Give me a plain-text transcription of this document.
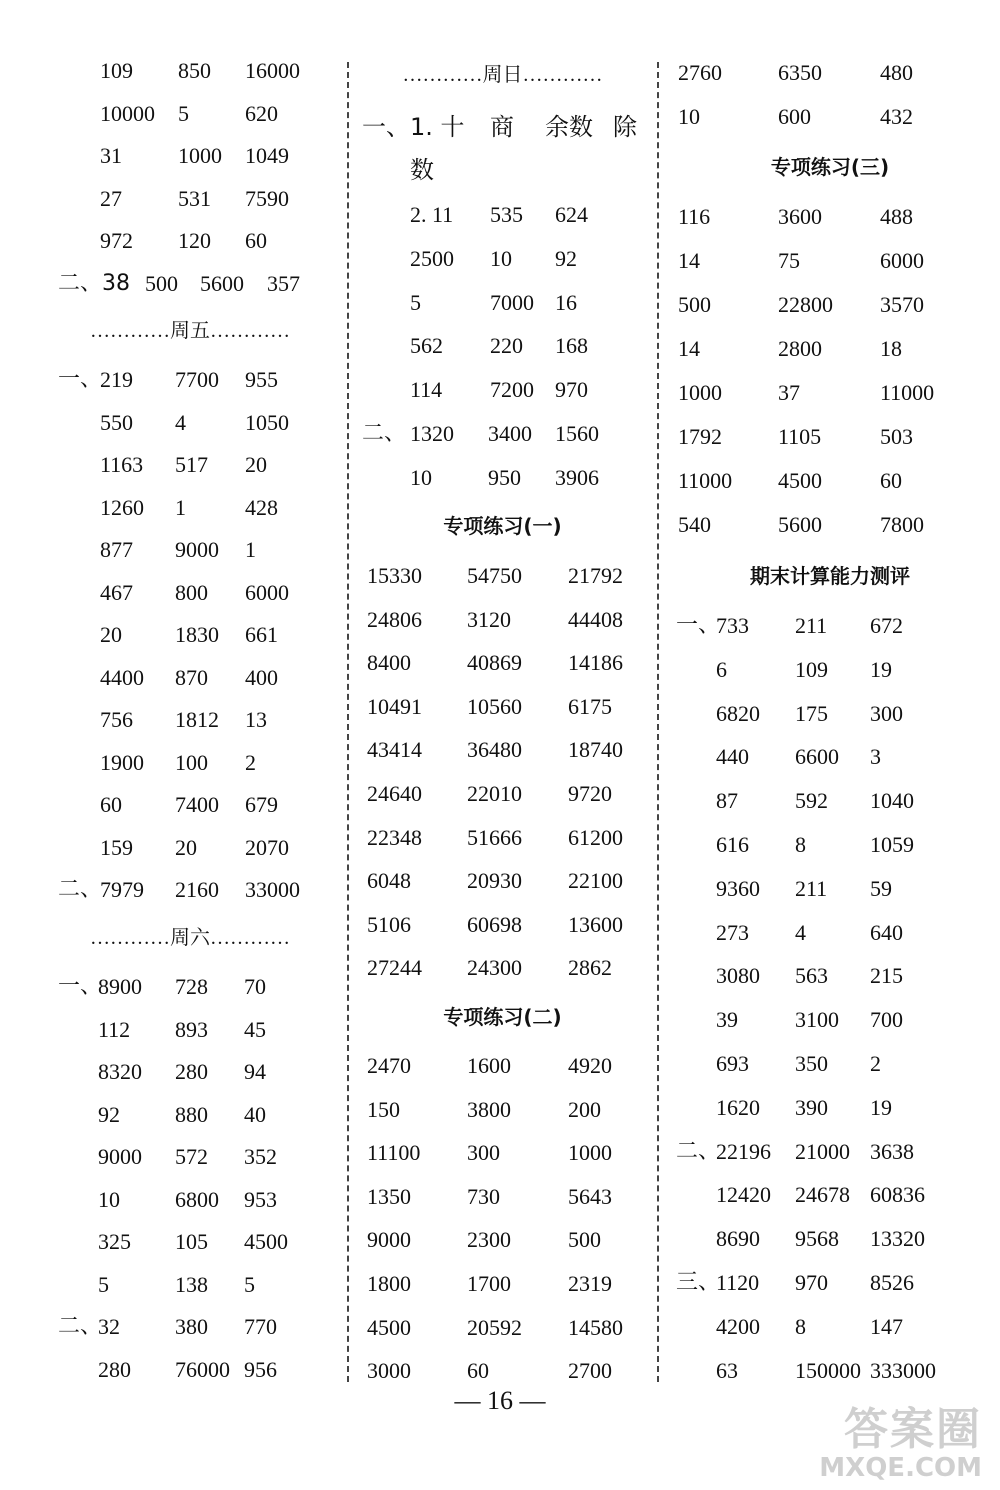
109 850 16000
10000 5	620
31	1000 1049
27	531 7590
972 120 60
二、38 500 5600 357
…………周五…………
一、
219 7700 955
550 4	1050
1163 517 20
1260 1	428
877 9000 1
467 800 6000
20 1830 661
4400 870 400
756 1812 13
1900 100 2
60 7400 679
159 20 2070
二、
7979 2160 33000
…………周六…………
一、
8900 728 70
112 893 45
8320 280 94
92	880 40
9000 572 352
10	6800 953
325 105 4500
5	138 5
二、
32	380 770
280 76000 956
…………周日…………
一、1. 十 商 余数 除
数
2. 11 535 624
2500 10 92
5	7000 16
562 220 168
114 7200 970
二、 1320 3400 1560
10	950 3906
专项练习(一)
15330 54750 21792
24806 3120	44408
8400	40869 14186
10491 10560 6175
43414 36480 18740
24640 22010 9720
22348 51666 61200
6048	20930 22100
5106	60698 13600
27244 24300 2862
专项练习(二)
2470	1600	4920
150	3800	200
11100 300	1000
1350	730	5643
9000	2300	500
1800	1700	2319
4500	20592 14580
3000	60	2700
2760	6350	480
10	600	432
专项练习(三)
116	3600	488
14	75	6000
500	22800 3570
14	2800	18
1000	37	11000
1792	1105	503
11000 4500	60
540	5600	7800
期末计算能力测评
一、
733 211 672
6	109 19
6820 175 300
440 6600 3
87	592 1040
616 8	1059
9360 211 59
273 4	640
3080 563 215
39	3100 700
693 350 2
1620 390 19
二、
22196 21000 3638
12420 24678 60836
8690 9568 13320
三、
1120 970 8526
4200 8	147
63	150000 333000
— 16 —
答案圈
MXQE.COM
